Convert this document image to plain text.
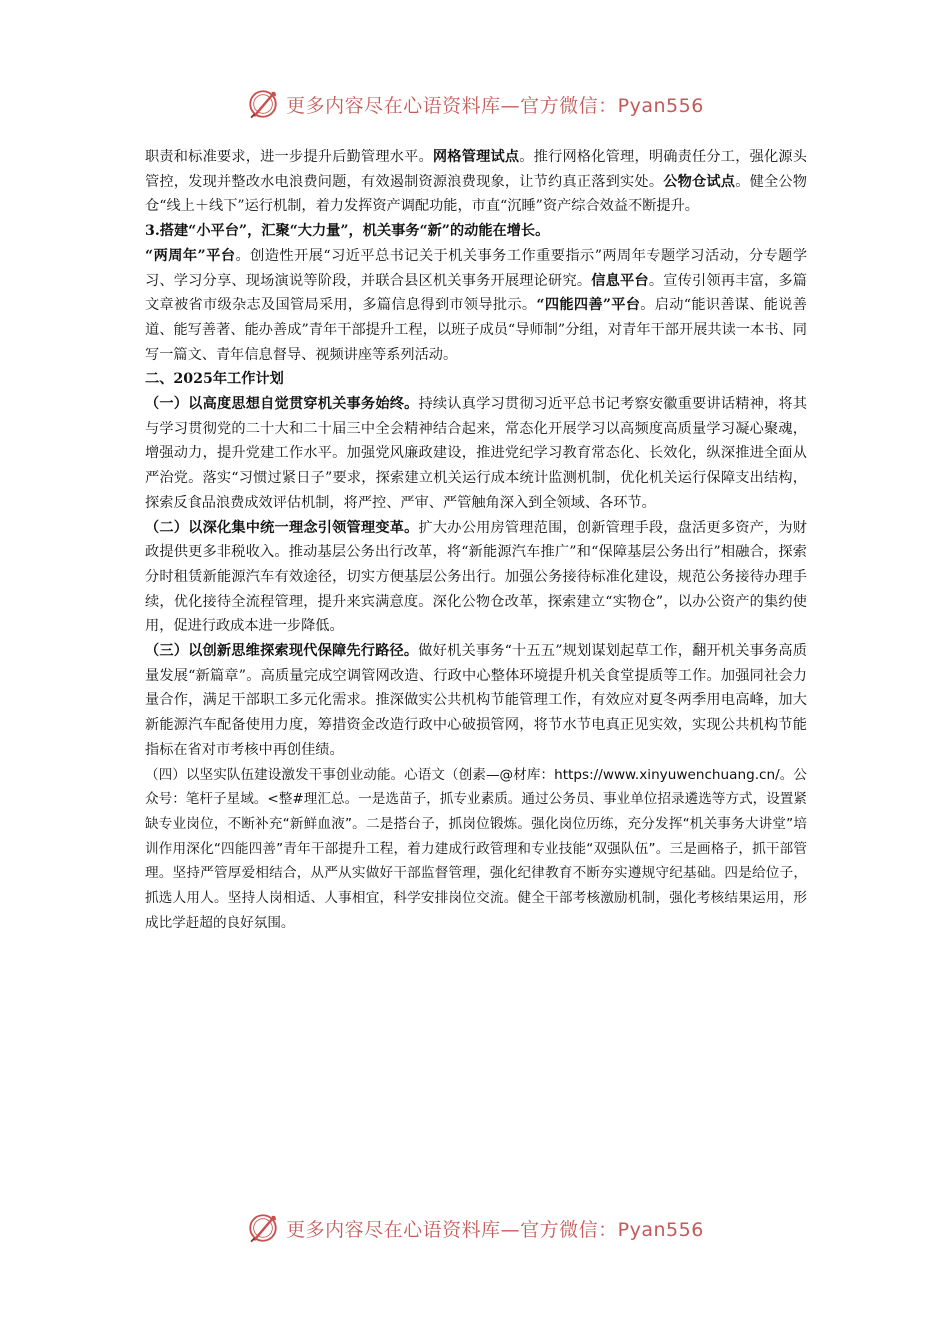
更多内容尽在心语资料库—官方微信：Pyan556

职责和标准要求，进一步提升后勤管理水平。网格管理试点。推行网格化管理，明确责任分工，强化源头管控，发现并整改水电浪费问题，有效遏制资源浪费现象，让节约真正落到实处。公物仓试点。健全公物仓“线上＋线下”运行机制，着力发挥资产调配功能，市直“沉睡”资产综合效益不断提升。

3.搭建“小平台”，汇聚“大力量”，机关事务“新”的动能在增长。

“两周年”平台。创造性开展“习近平总书记关于机关事务工作重要指示”两周年专题学习活动，分专题学习、学习分享、现场演说等阶段，并联合县区机关事务开展理论研究。信息平台。宣传引领再丰富，多篇文章被省市级杂志及国管局采用，多篇信息得到市领导批示。“四能四善”平台。启动“能识善谋、能说善道、能写善著、能办善成”青年干部提升工程，以班子成员“导师制”分组，对青年干部开展共读一本书、同写一篇文、青年信息督导、视频讲座等系列活动。

二、2025年工作计划

（一）以高度思想自觉贯穿机关事务始终。持续认真学习贯彻习近平总书记考察安徽重要讲话精神，将其与学习贯彻党的二十大和二十届三中全会精神结合起来，常态化开展学习以高频度高质量学习凝心聚魂，增强动力，提升党建工作水平。加强党风廉政建设，推进党纪学习教育常态化、长效化，纵深推进全面从严治党。落实“习惯过紧日子”要求，探索建立机关运行成本统计监测机制，优化机关运行保障支出结构，探索反食品浪费成效评估机制，将严控、严审、严管触角深入到全领域、各环节。

（二）以深化集中统一理念引领管理变革。扩大办公用房管理范围，创新管理手段，盘活更多资产，为财政提供更多非税收入。推动基层公务出行改革，将“新能源汽车推广”和“保障基层公务出行”相融合，探索分时租赁新能源汽车有效途径，切实方便基层公务出行。加强公务接待标准化建设，规范公务接待办理手续，优化接待全流程管理，提升来宾满意度。深化公物仓改革，探索建立“实物仓”，以办公资产的集约使用，促进行政成本进一步降低。

（三）以创新思维探索现代保障先行路径。做好机关事务“十五五”规划谋划起草工作，翻开机关事务高质量发展“新篇章”。高质量完成空调管网改造、行政中心整体环境提升机关食堂提质等工作。加强同社会力量合作，满足干部职工多元化需求。推深做实公共机构节能管理工作，有效应对夏冬两季用电高峰，加大新能源汽车配备使用力度，筹措资金改造行政中心破损管网，将节水节电真正见实效，实现公共机构节能指标在省对市考核中再创佳绩。

（四）以坚实队伍建设激发干事创业动能。心语文（创素—@材库：https://www.xinyuwenchuang.cn/。公众号：笔杆子星域。<整#理汇总。一是选苗子，抓专业素质。通过公务员、事业单位招录遴选等方式，设置紧缺专业岗位，不断补充“新鲜血液”。二是搭台子，抓岗位锻炼。强化岗位历练，充分发挥“机关事务大讲堂”培训作用深化“四能四善”青年干部提升工程，着力建成行政管理和专业技能“双强队伍”。三是画格子，抓干部管理。坚持严管厚爱相结合，从严从实做好干部监督管理，强化纪律教育不断夯实遵规守纪基础。四是给位子，抓选人用人。坚持人岗相适、人事相宜，科学安排岗位交流。健全干部考核激励机制，强化考核结果运用，形成比学赶超的良好氛围。

更多内容尽在心语资料库—官方微信：Pyan556
